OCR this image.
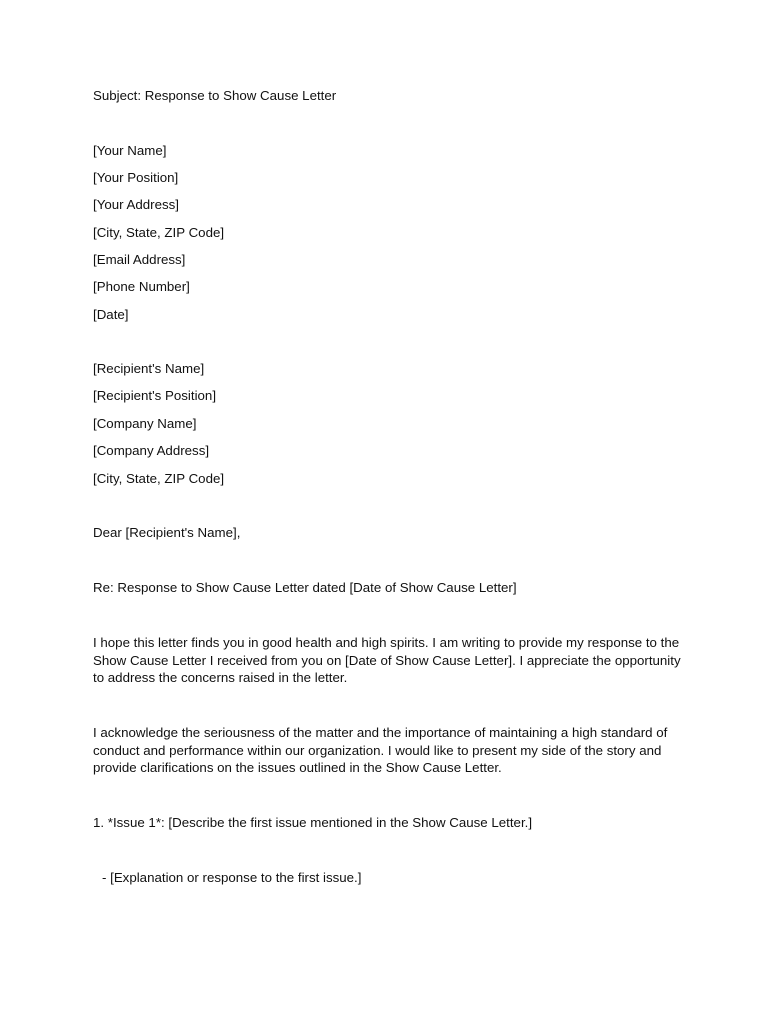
Subject: Response to Show Cause Letter
[Your Name]
[Your Position]
[Your Address]
[City, State, ZIP Code]
[Email Address]
[Phone Number]
[Date]
[Recipient's Name]
[Recipient's Position]
[Company Name]
[Company Address]
[City, State, ZIP Code]
Dear [Recipient's Name],
Re: Response to Show Cause Letter dated [Date of Show Cause Letter]
I hope this letter finds you in good health and high spirits. I am writing to provide my response to the
Show Cause Letter I received from you on [Date of Show Cause Letter]. I appreciate the opportunity
to address the concerns raised in the letter.
I acknowledge the seriousness of the matter and the importance of maintaining a high standard of
conduct and performance within our organization. I would like to present my side of the story and
provide clarifications on the issues outlined in the Show Cause Letter.
1. *Issue 1*: [Describe the first issue mentioned in the Show Cause Letter.]
- [Explanation or response to the first issue.]
